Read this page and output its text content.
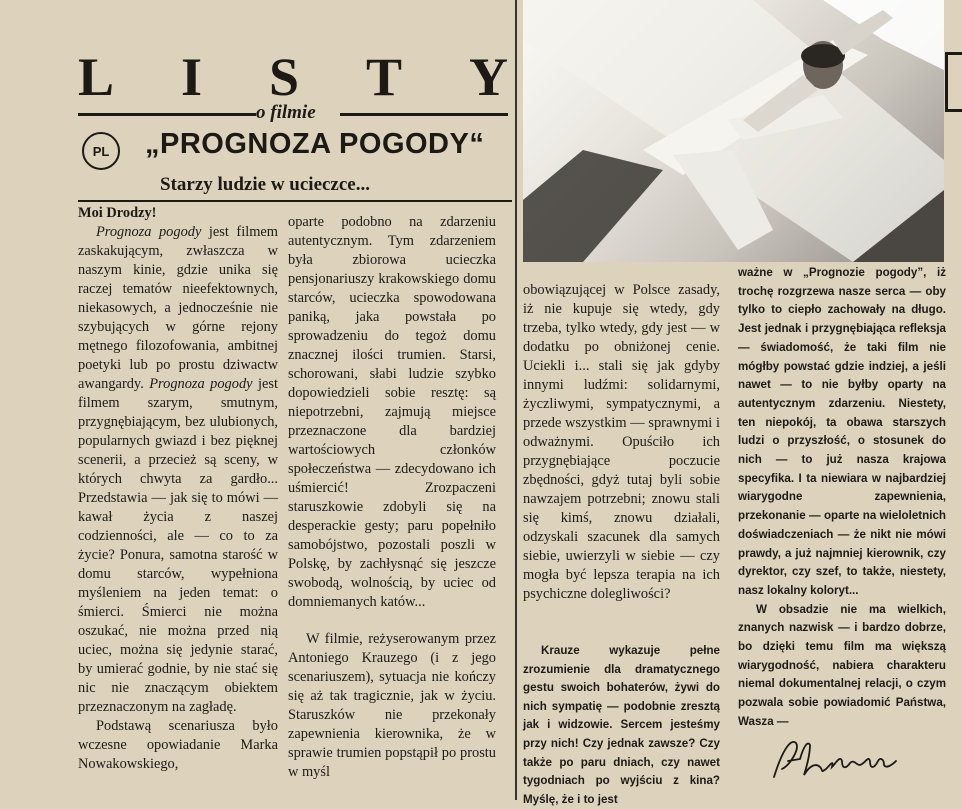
L I S T Y
o filmie
PL	„PROGNOZA POGODY“
Starzy ludzie w ucieczce...

Moi Drodzy!

Prognoza pogody jest filmem zaskakującym, zwłaszcza w naszym kinie, gdzie unika się raczej tematów nieefektownych, niekasowych, a jednocześnie nie szybujących w górne rejony mętnego filozofowania, ambitnej poetyki lub po prostu dziwactw awangardy. Prognoza pogody jest filmem szarym, smutnym, przygnębiającym, bez ulubionych, popularnych gwiazd i bez pięknej scenerii, a przecież są sceny, w których chwyta za gardło... Przedstawia — jak się to mówi — kawał życia z naszej codzienności, ale — co to za życie? Ponura, samotna starość w domu starców, wypełniona myśleniem na jeden temat: o śmierci. Śmierci nie można oszukać, nie można przed nią uciec, można się jedynie starać, by umierać godnie, by nie stać się nic nie znaczącym obiektem przeznaczonym na zagładę.

Podstawą scenariusza było wczesne opowiadanie Marka Nowakowskiego,

oparte podobno na zdarzeniu autentycznym. Tym zdarzeniem była zbiorowa ucieczka pensjonariuszy krakowskiego domu starców, ucieczka spowodowana paniką, jaka powstała po sprowadzeniu do tegoż domu znacznej ilości trumien. Starsi, schorowani, słabi ludzie szybko dopowiedzieli sobie resztę: są niepotrzebni, zajmują miejsce przeznaczone dla bardziej wartościowych członków społeczeństwa — zdecydowano ich uśmiercić! Zrozpaczeni staruszkowie zdobyli się na desperackie gesty; paru popełniło samobójstwo, pozostali poszli w Polskę, by zachłysnąć się jeszcze swobodą, wolnością, by uciec od domniemanych katów...

W filmie, reżyserowanym przez Antoniego Krauzego (i z jego scenariuszem), sytuacja nie kończy się aż tak tragicznie, jak w życiu. Staruszków nie przekonały zapewnienia kierownika, że w sprawie trumien popstąpił po prostu w myśl

obowiązującej w Polsce zasady, iż nie kupuje się wtedy, gdy trzeba, tylko wtedy, gdy jest — w dodatku po obniżonej cenie. Uciekli i... stali się jak gdyby innymi ludźmi: solidarnymi, życzliwymi, sympatycznymi, a przede wszystkim — sprawnymi i odważnymi. Opuściło ich przygnębiające poczucie zbędności, gdyż tutaj byli sobie nawzajem potrzebni; znowu stali się kimś, znowu działali, odzyskali szacunek dla samych siebie, uwierzyli w siebie — czy mogła być lepsza terapia na ich psychiczne dolegliwości?

Krauze wykazuje pełne zrozumienie dla dramatycznego gestu swoich bohaterów, żywi do nich sympatię — podobnie zresztą jak i widzowie. Sercem jesteśmy przy nich! Czy jednak zawsze? Czy także po paru dniach, czy nawet tygodniach po wyjściu z kina? Myślę, że i to jest

ważne w „Prognozie pogody”, iż trochę rozgrzewa nasze serca — oby tylko to ciepło zachowały na długo. Jest jednak i przygnębiająca refleksja — świadomość, że taki film nie mógłby powstać gdzie indziej, a jeśli nawet — to nie byłby oparty na autentycznym zdarzeniu. Niestety, ten niepokój, ta obawa starszych ludzi o przyszłość, o stosunek do nich — to już nasza krajowa specyfika. I ta niewiara w najbardziej wiarygodne zapewnienia, przekonanie — oparte na wieloletnich doświadczeniach — że nikt nie mówi prawdy, a już najmniej kierownik, czy dyrektor, czy szef, to także, niestety, nasz lokalny koloryt...

W obsadzie nie ma wielkich, znanych nazwisk — i bardzo dobrze, bo dzięki temu film ma większą wiarygodność, nabiera charakteru niemal dokumentalnej relacji, o czym pozwala sobie powiadomić Państwa, Wasza —
